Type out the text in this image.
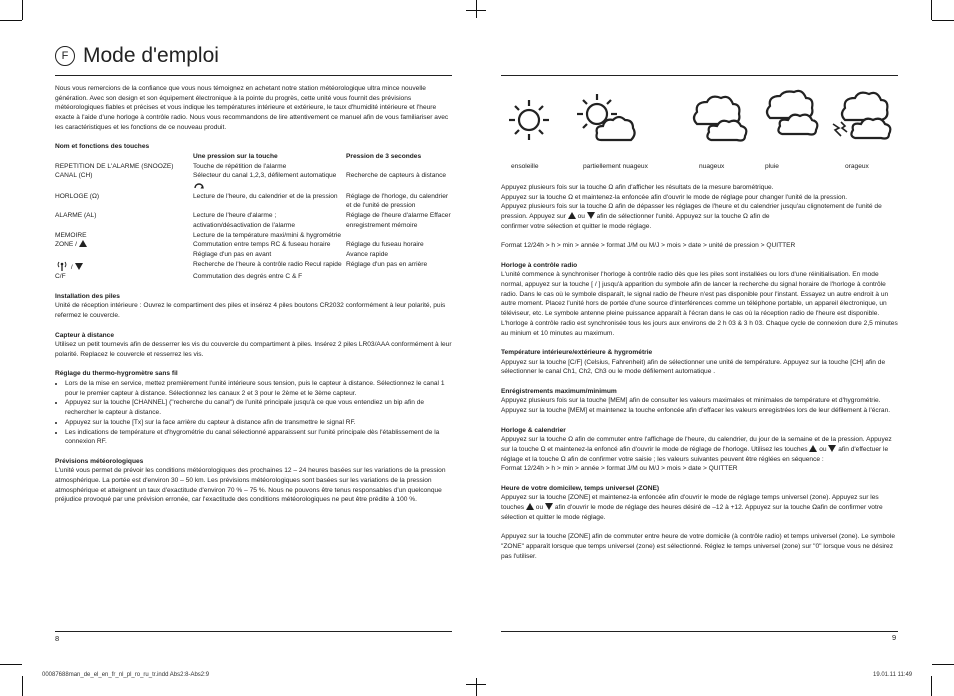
F Mode d'emploi

Nous vous remercions de la confiance que vous nous témoignez en achetant notre station météorologique ultra mince nouvelle génération. Avec son design et son équipement électronique à la pointe du progrès, cette unité vous fournit des prévisions météorologiques fiables et précises et vous indique les températures intérieure et extérieure, le taux d'humidité intérieure et l'heure exacte à l'aide d'une horloge à contrôle radio. Nous vous recommandons de lire attentivement ce manuel afin de vous familiariser avec les caractéristiques et les fonctions de ce nouveau produit.

Nom et fonctions des touches

	Une pression sur la touche	Pression de 3 secondes
REPETITION DE L'ALARME (SNOOZE)	Touche de répétition de l'alarme	
CANAL (CH)	Sélecteur du canal 1,2,3, défilement automatique	Recherche de capteurs à distance
HORLOGE (Ω)	Lecture de l'heure, du calendrier et de la pression	Réglage de l'horloge, du calendrier et de l'unité de pression
ALARME (AL)	Lecture de l'heure d'alarme ; activation/désactivation de l'alarme	Réglage de l'heure d'alarme Effacer enregistrement mémoire
MEMOIRE	Lecture de la température maxi/mini & hygrométrie	
ZONE /	Commutation entre temps RC & fuseau horaire	Réglage du fuseau horaire
	Réglage d'un pas en avant	Avance rapide
/	Recherche de l'heure à contrôle radio Recul rapide	Réglage d'un pas en arrière
C/F	Commutation des degrés entre C & F	

Installation des piles

Unité de réception intérieure : Ouvrez le compartiment des piles et insérez 4 piles boutons CR2032 conformément à leur polarité, puis refermez le couvercle.

Capteur à distance

Utilisez un petit tournevis afin de desserrer les vis du couvercle du compartiment à piles. Insérez 2 piles LR03/AAA conformément à leur polarité. Replacez le couvercle et resserrez les vis.

Réglage du thermo-hygromètre sans fil

• Lors de la mise en service, mettez premièrement l'unité intérieure sous tension, puis le capteur à distance. Sélectionnez le canal 1 pour le premier capteur à distance. Sélectionnez les canaux 2 et 3 pour le 2ème et le 3ème capteur.
• Appuyez sur la touche [CHANNEL] ("recherche du canal") de l'unité principale jusqu'à ce que vous entendiez un bip afin de rechercher le capteur à distance.
• Appuyez sur la touche [Tx] sur la face arrière du capteur à distance afin de transmettre le signal RF.
• Les indications de température et d'hygrométrie du canal sélectionné apparaissent sur l'unité principale dès l'établissement de la connexion RF.

Prévisions météorologiques

L'unité vous permet de prévoir les conditions météorologiques des prochaines 12 – 24 heures basées sur les variations de la pression atmosphérique. La portée est d'environ 30 – 50 km. Les prévisions météorologiques sont basées sur les variations de la pression atmosphérique et atteignent un taux d'exactitude d'environ 70 % – 75 %. Nous ne pouvons être tenus responsables d'un quelconque préjudice provoqué par une prévision erronée, car l'exactitude des conditions météorologiques ne peut être prédite à 100 %.

8
00087688man_de_el_en_fr_nl_pl_ro_ru_tr.indd Abs2:8-Abs2:9
ensoleille	partiellement nuageux	nuageux	pluie	orageux

Appuyez plusieurs fois sur la touche Ω afin d'afficher les résultats de la mesure barométrique.

Appuyez sur la touche Ω et maintenez-la enfoncée afin d'ouvrir le mode de réglage pour changer l'unité de la pression.

Appuyez plusieurs fois sur la touche Ω afin de dépasser les réglages de l'heure et du calendrier jusqu'au clignotement de l'unité de pression. Appuyez sur ou afin de sélectionner l'unité. Appuyez sur la touche Ω afin de

confirmer votre sélection et quitter le mode réglage.

Format 12/24h > h > min > année > format J/M ou M/J > mois > date > unité de pression > QUITTER

Horloge à contrôle radio

L'unité commence à synchroniser l'horloge à contrôle radio dès que les piles sont installées ou lors d'une réinitialisation. En mode normal, appuyez sur la touche [ / ] jusqu'à apparition du symbole afin de lancer la recherche du signal horaire de l'horloge à contrôle radio. Dans le cas où le symbole disparaît, le signal radio de l'heure n'est pas disponible pour l'instant. Essayez un autre endroit à un autre moment. Placez l'unité hors de portée d'une source d'interférences comme un téléphone portable, un appareil électronique, un téléviseur, etc. Le symbole antenne pleine puissance apparaît à l'écran dans le cas où la réception radio de l'heure est disponible. L'horloge à contrôle radio est synchronisée tous les jours aux environs de 2 h 03 & 3 h 03. Chaque cycle de connexion dure 2,5 minutes au minium et 10 minutes au maximum.

Température intérieure/extérieure & hygrométrie

Appuyez sur la touche [C/F] (Celsius, Fahrenheit) afin de sélectionner une unité de température. Appuyez sur la touche [CH] afin de sélectionner le canal Ch1, Ch2, Ch3 ou le mode défilement automatique .

Enrégistrements maximum/minimum

Appuyez plusieurs fois sur la touche [MEM] afin de consulter les valeurs maximales et minimales de température et d'hygrométrie. Appuyez sur la touche [MEM] et maintenez la touche enfoncée afin d'effacer les valeurs enregistrées lors de leur défilement à l'écran.

Horloge & calendrier

Appuyez sur la touche Ω afin de commuter entre l'affichage de l'heure, du calendrier, du jour de la semaine et de la pression. Appuyez sur la touche Ω et maintenez-la enfoncé afin d'ouvrir le mode de réglage de l'horloge. Utilisez les touches ou afin d'effectuer le réglage et la touche Ω afin de confirmer votre saisie ; les valeurs suivantes peuvent être réglées en séquence :

Format 12/24h > h > min > année > format J/M ou M/J > mois > date > QUITTER

Heure de votre domicilew, temps universel (ZONE)

Appuyez sur la touche [ZONE] et maintenez-la enfoncée afin d'ouvrir le mode de réglage temps universel (zone). Appuyez sur les touches ou afin d'ouvrir le mode de réglage des heures désiré de –12 à +12. Appuyez sur la touche Ωafin de confirmer votre sélection et quitter le mode réglage.

Appuyez sur la touche [ZONE] afin de commuter entre heure de votre domicile (à contrôle radio) et temps universel (zone). Le symbole "ZONE" apparaît lorsque que temps universel (zone) est sélectionné. Réglez le temps universel (zone) sur "0" lorsque vous ne désirez pas l'utiliser.

9
19.01.11 11:49
